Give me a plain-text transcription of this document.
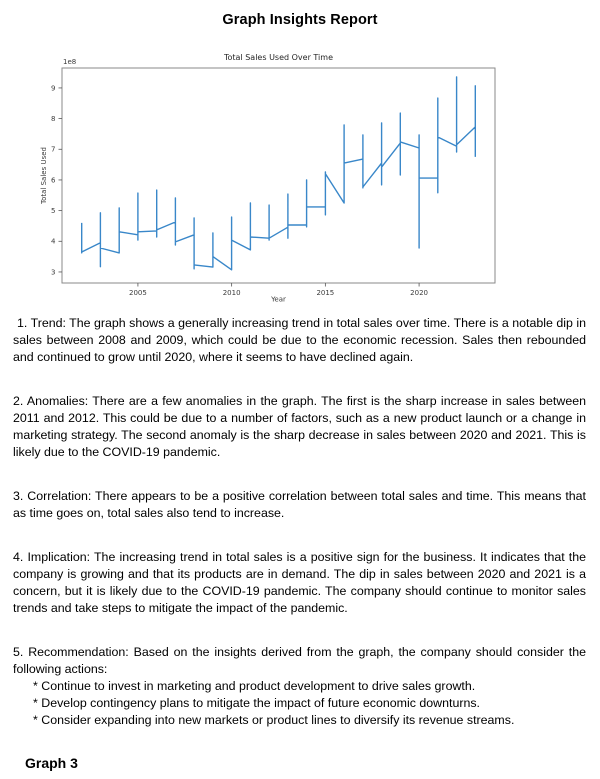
3
4
5
6
7
8
9
2005	2010	2015	2020
1e8	Total Sales Used Over Time
Year
Total Sales Used
Graph Insights Report

1. Trend: The graph shows a generally increasing trend in total sales over time. There is a notable dip in sales between 2008 and 2009, which could be due to the economic recession. Sales then rebounded and continued to grow until 2020, where it seems to have declined again.

2. Anomalies: There are a few anomalies in the graph. The first is the sharp increase in sales between 2011 and 2012. This could be due to a number of factors, such as a new product launch or a change in marketing strategy. The second anomaly is the sharp decrease in sales between 2020 and 2021. This is likely due to the COVID-19 pandemic.

3. Correlation: There appears to be a positive correlation between total sales and time. This means that as time goes on, total sales also tend to increase.

4. Implication: The increasing trend in total sales is a positive sign for the business. It indicates that the company is growing and that its products are in demand. The dip in sales between 2020 and 2021 is a concern, but it is likely due to the COVID-19 pandemic. The company should continue to monitor sales trends and take steps to mitigate the impact of the pandemic.

5. Recommendation: Based on the insights derived from the graph, the company should consider the following actions:
* Continue to invest in marketing and product development to drive sales growth.
* Develop contingency plans to mitigate the impact of future economic downturns.
* Consider expanding into new markets or product lines to diversify its revenue streams.
Graph 3
